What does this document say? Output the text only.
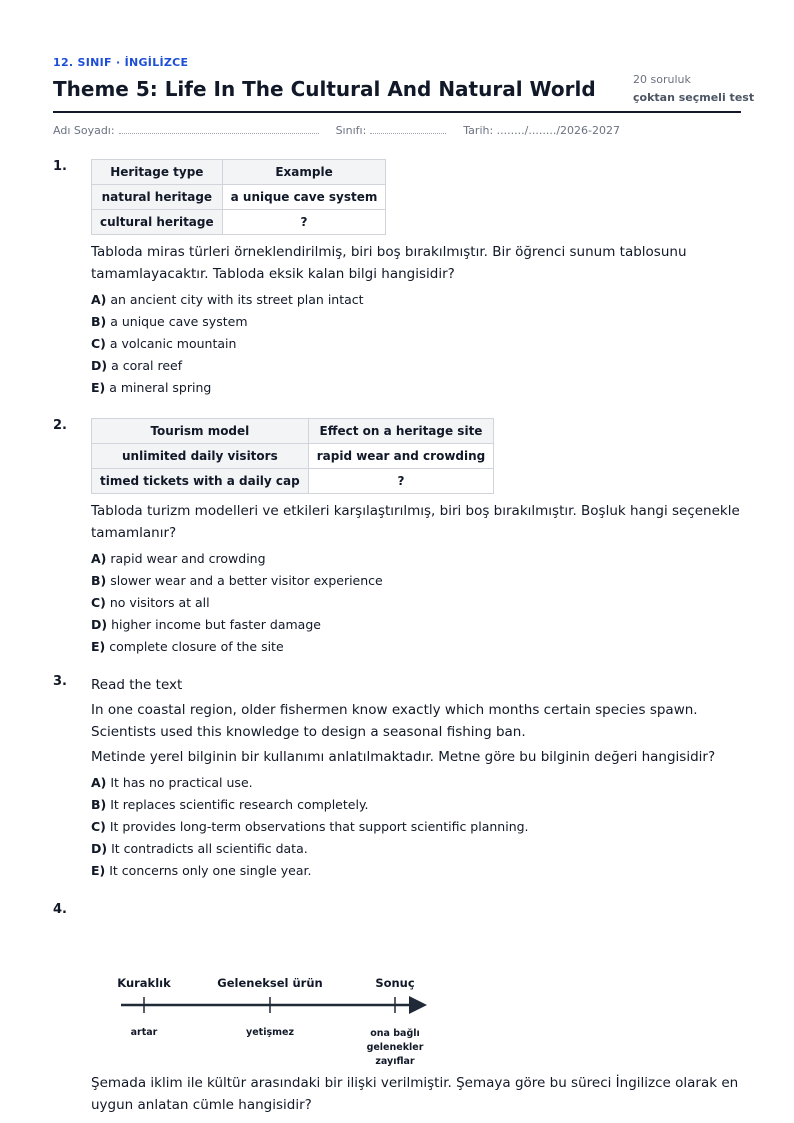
12. SINIF · İNGİLİZCE
Theme 5: Life In The Cultural And Natural World	20 soruluk
çoktan seçmeli test
Adı Soyadı:	Sınıfı:	Tarih: ......../......../2026-2027
1.	Heritage type	Example
natural heritage	a unique cave system
cultural heritage	?
Tabloda miras türleri örneklendirilmiş, biri boş bırakılmıştır. Bir öğrenci sunum tablosunu tamamlayacaktır. Tabloda eksik kalan bilgi hangisidir?
A) an ancient city with its street plan intact
B) a unique cave system
C) a volcanic mountain
D) a coral reef
E) a mineral spring
2.	Tourism model	Effect on a heritage site
unlimited daily visitors	rapid wear and crowding
timed tickets with a daily cap	?
Tabloda turizm modelleri ve etkileri karşılaştırılmış, biri boş bırakılmıştır. Boşluk hangi seçenekle tamamlanır?
A) rapid wear and crowding
B) slower wear and a better visitor experience
C) no visitors at all
D) higher income but faster damage
E) complete closure of the site
3. Read the text
In one coastal region, older fishermen know exactly which months certain species spawn. Scientists used this knowledge to design a seasonal fishing ban.
Metinde yerel bilginin bir kullanımı anlatılmaktadır. Metne göre bu bilginin değeri hangisidir?
A) It has no practical use.
B) It replaces scientific research completely.
C) It provides long-term observations that support scientific planning.
D) It contradicts all scientific data.
E) It concerns only one single year.
4.
Kuraklık	Geleneksel ürün	Sonuç
artar	yetişmez	ona bağlı
gelenekler
zayıflar
Şemada iklim ile kültür arasındaki bir ilişki verilmiştir. Şemaya göre bu süreci İngilizce olarak en uygun anlatan cümle hangisidir?
